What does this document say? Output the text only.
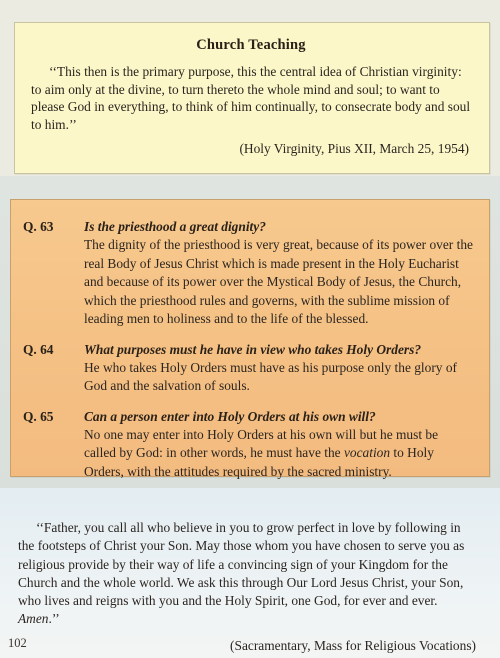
Church Teaching

‘‘This then is the primary purpose, this the central idea of Christian virginity: to aim only at the divine, to turn thereto the whole mind and soul; to want to please God in everything, to think of him continually, to consecrate body and soul to him.’’

(Holy Virginity, Pius XII, March 25, 1954)
Q. 63	Is the priesthood a great dignity?

The dignity of the priesthood is very great, because of its power over the real Body of Jesus Christ which is made present in the Holy Eucharist and because of its power over the Mystical Body of Jesus, the Church, which the priesthood rules and governs, with the sublime mission of leading men to holiness and to the life of the blessed.

Q. 64	What purposes must he have in view who takes Holy Orders?

He who takes Holy Orders must have as his purpose only the glory of God and the salvation of souls.

Q. 65	Can a person enter into Holy Orders at his own will?

No one may enter into Holy Orders at his own will but he must be called by God: in other words, he must have the vocation to Holy Orders, with the attitudes required by the sacred ministry.

‘‘Father, you call all who believe in you to grow perfect in love by following in the footsteps of Christ your Son. May those whom you have chosen to serve you as religious provide by their way of life a convincing sign of your Kingdom for the Church and the whole world. We ask this through Our Lord Jesus Christ, your Son, who lives and reigns with you and the Holy Spirit, one God, for ever and ever. Amen.’’

(Sacramentary, Mass for Religious Vocations)
102
